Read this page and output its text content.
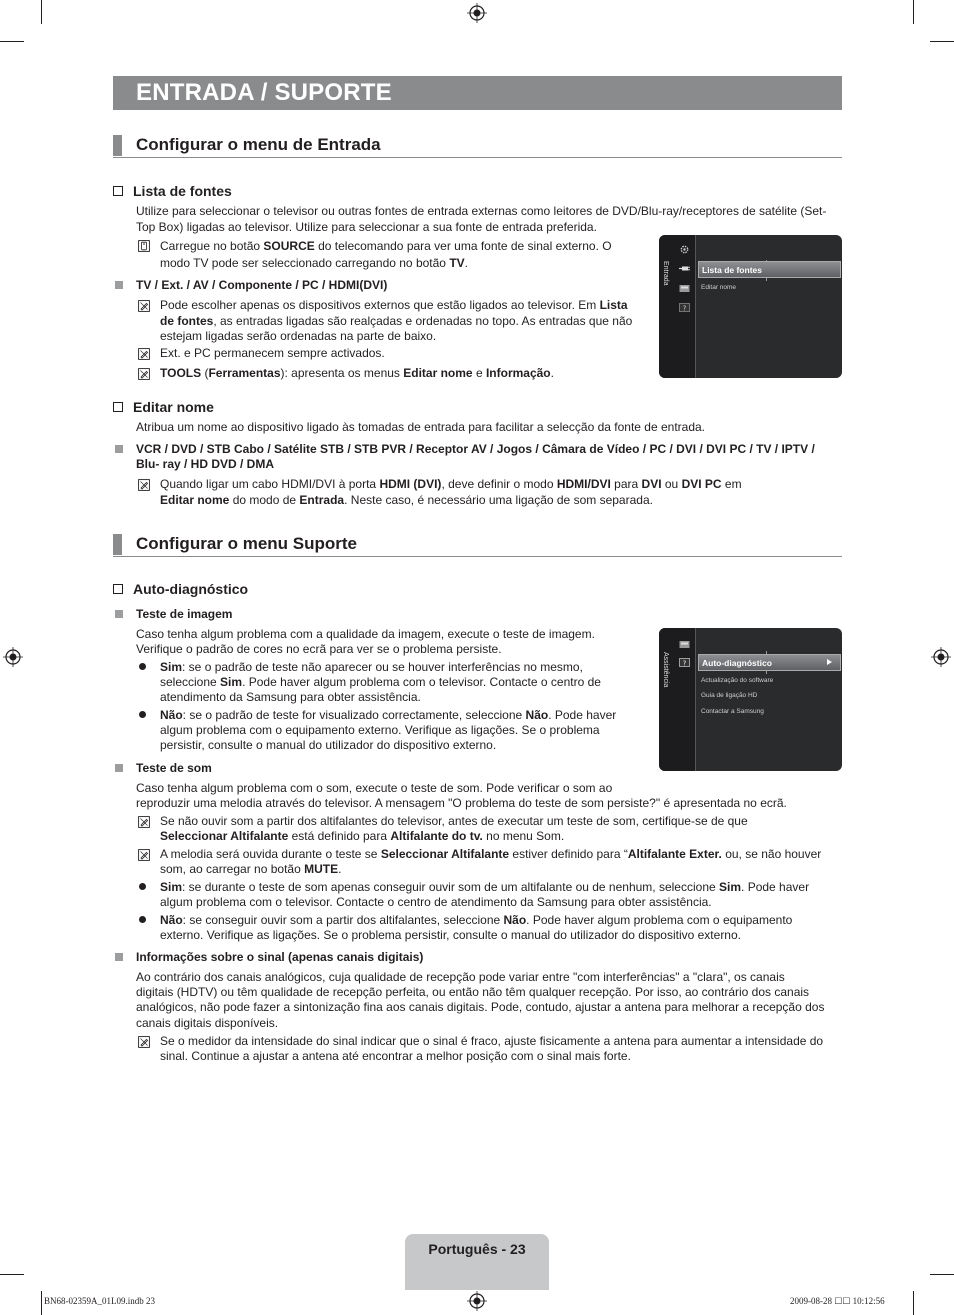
ENTRADA / SUPORTE
Configurar o menu de Entrada
Lista de fontes
Utilize para seleccionar o televisor ou outras fontes de entrada externas como leitores de DVD/Blu-ray/receptores de satélite (Set-
Top Box) ligadas ao televisor. Utilize para seleccionar a sua fonte de entrada preferida.
Carregue no botão SOURCE do telecomando para ver uma fonte de sinal externo. O
modo TV pode ser seleccionado carregando no botão TV.
TV / Ext. / AV / Componente / PC / HDMI(DVI)
Pode escolher apenas os dispositivos externos que estão ligados ao televisor. Em Lista
de fontes, as entradas ligadas são realçadas e ordenadas no topo. As entradas que não
estejam ligadas serão ordenadas na parte de baixo.
Ext. e PC permanecem sempre activados.
TOOLS (Ferramentas): apresenta os menus Editar nome e Informação.
Entrada
?
Lista de fontes
Editar nome
Editar nome
Atribua um nome ao dispositivo ligado às tomadas de entrada para facilitar a selecção da fonte de entrada.
VCR / DVD / STB Cabo / Satélite STB / STB PVR / Receptor AV / Jogos / Câmara de Vídeo / PC / DVI / DVI PC / TV / IPTV /
Blu- ray / HD DVD / DMA
Quando ligar um cabo HDMI/DVI à porta HDMI (DVI), deve definir o modo HDMI/DVI para DVI ou DVI PC em
Editar nome do modo de Entrada. Neste caso, é necessário uma ligação de som separada.
Configurar o menu Suporte
Auto-diagnóstico
Teste de imagem
Caso tenha algum problema com a qualidade da imagem, execute o teste de imagem.
Verifique o padrão de cores no ecrã para ver se o problema persiste.
Sim: se o padrão de teste não aparecer ou se houver interferências no mesmo,
seleccione Sim. Pode haver algum problema com o televisor. Contacte o centro de
atendimento da Samsung para obter assistência.
Não: se o padrão de teste for visualizado correctamente, seleccione Não. Pode haver
algum problema com o equipamento externo. Verifique as ligações. Se o problema
persistir, consulte o manual do utilizador do dispositivo externo.
Assistência ? Auto-diagnóstico
Actualização do software
Guia de ligação HD
Contactar a Samsung
Teste de som
Caso tenha algum problema com o som, execute o teste de som. Pode verificar o som ao
reproduzir uma melodia através do televisor. A mensagem "O problema do teste de som persiste?" é apresentada no ecrã.
Se não ouvir som a partir dos altifalantes do televisor, antes de executar um teste de som, certifique-se de que
Seleccionar Altifalante está definido para Altifalante do tv. no menu Som.
A melodia será ouvida durante o teste se Seleccionar Altifalante estiver definido para “Altifalante Exter. ou, se não houver
som, ao carregar no botão MUTE.
Sim: se durante o teste de som apenas conseguir ouvir som de um altifalante ou de nenhum, seleccione Sim. Pode haver
algum problema com o televisor. Contacte o centro de atendimento da Samsung para obter assistência.
Não: se conseguir ouvir som a partir dos altifalantes, seleccione Não. Pode haver algum problema com o equipamento
externo. Verifique as ligações. Se o problema persistir, consulte o manual do utilizador do dispositivo externo.
Informações sobre o sinal (apenas canais digitais)
Ao contrário dos canais analógicos, cuja qualidade de recepção pode variar entre "com interferências" a "clara", os canais
digitais (HDTV) ou têm qualidade de recepção perfeita, ou então não têm qualquer recepção. Por isso, ao contrário dos canais
analógicos, não pode fazer a sintonização fina aos canais digitais. Pode, contudo, ajustar a antena para melhorar a recepção dos
canais digitais disponíveis.
Se o medidor da intensidade do sinal indicar que o sinal é fraco, ajuste fisicamente a antena para aumentar a intensidade do
sinal. Continue a ajustar a antena até encontrar a melhor posição com o sinal mais forte.
Português - 23
BN68-02359A_01L09.indb 23	2009-08-28 ☐☐ 10:12:56
